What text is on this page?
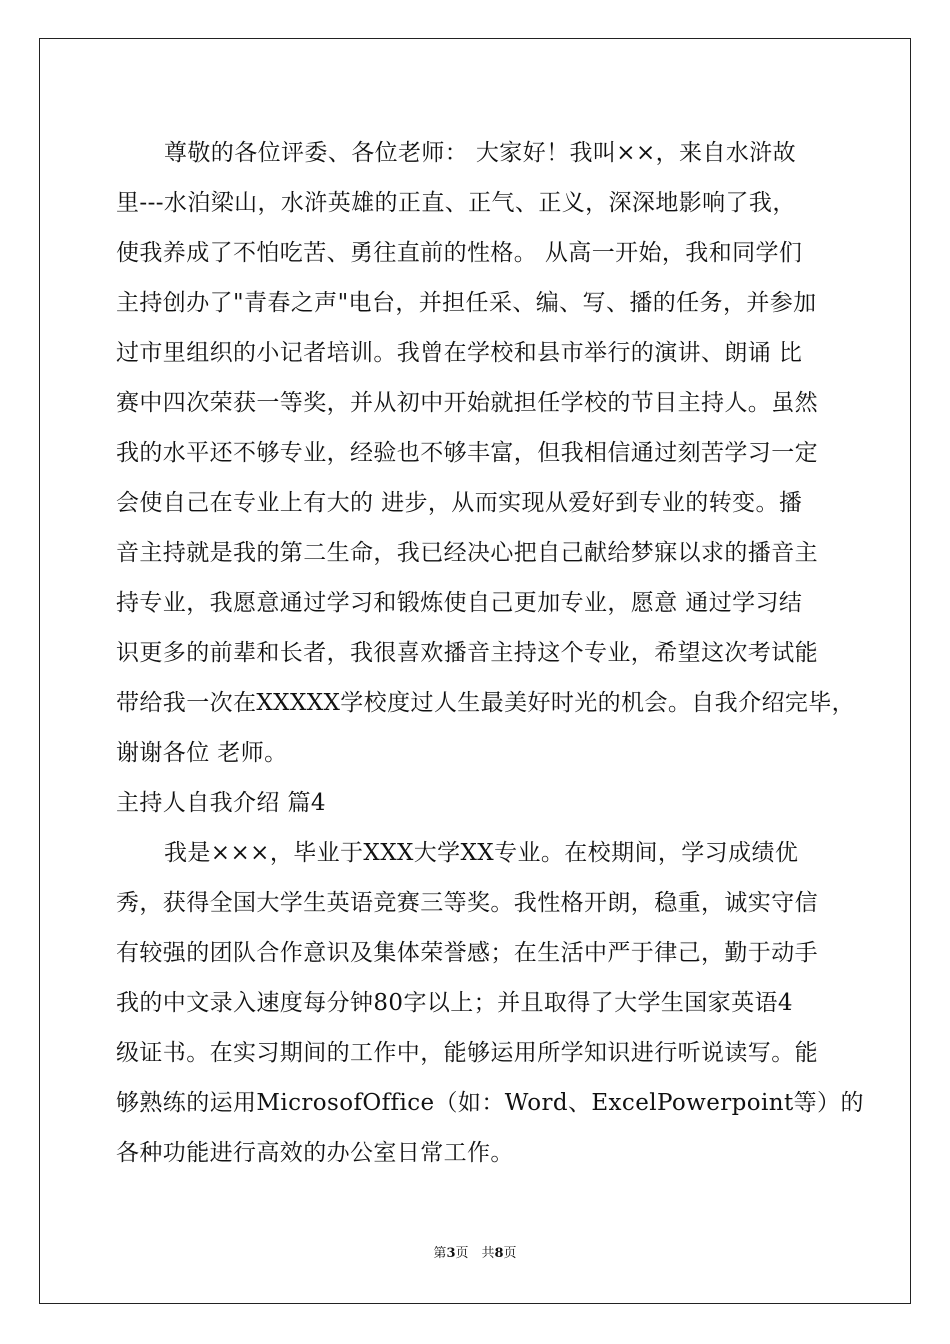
尊敬的各位评委、各位老师： 大家好！我叫××，来自水浒故
里---水泊梁山，水浒英雄的正直、正气、正义，深深地影响了我，
使我养成了不怕吃苦、勇往直前的性格。 从高一开始，我和同学们
主持创办了"青春之声"电台，并担任采、编、写、播的任务，并参加
过市里组织的小记者培训。我曾在学校和县市举行的演讲、朗诵 比
赛中四次荣获一等奖，并从初中开始就担任学校的节目主持人。虽然
我的水平还不够专业，经验也不够丰富，但我相信通过刻苦学习一定
会使自己在专业上有大的 进步，从而实现从爱好到专业的转变。播
音主持就是我的第二生命，我已经决心把自己献给梦寐以求的播音主
持专业，我愿意通过学习和锻炼使自己更加专业，愿意 通过学习结
识更多的前辈和长者，我很喜欢播音主持这个专业，希望这次考试能
带给我一次在XXXXX学校度过人生最美好时光的机会。自我介绍完毕，
谢谢各位 老师。
主持人自我介绍 篇4
我是×××，毕业于XXX大学XX专业。在校期间，学习成绩优
秀，获得全国大学生英语竞赛三等奖。我性格开朗，稳重，诚实守信
有较强的团队合作意识及集体荣誉感；在生活中严于律己，勤于动手
我的中文录入速度每分钟80字以上；并且取得了大学生国家英语4
级证书。在实习期间的工作中，能够运用所学知识进行听说读写。能
够熟练的运用MicrosofOffice（如：Word、ExcelPowerpoint等）的
各种功能进行高效的办公室日常工作。
第3页　共8页
